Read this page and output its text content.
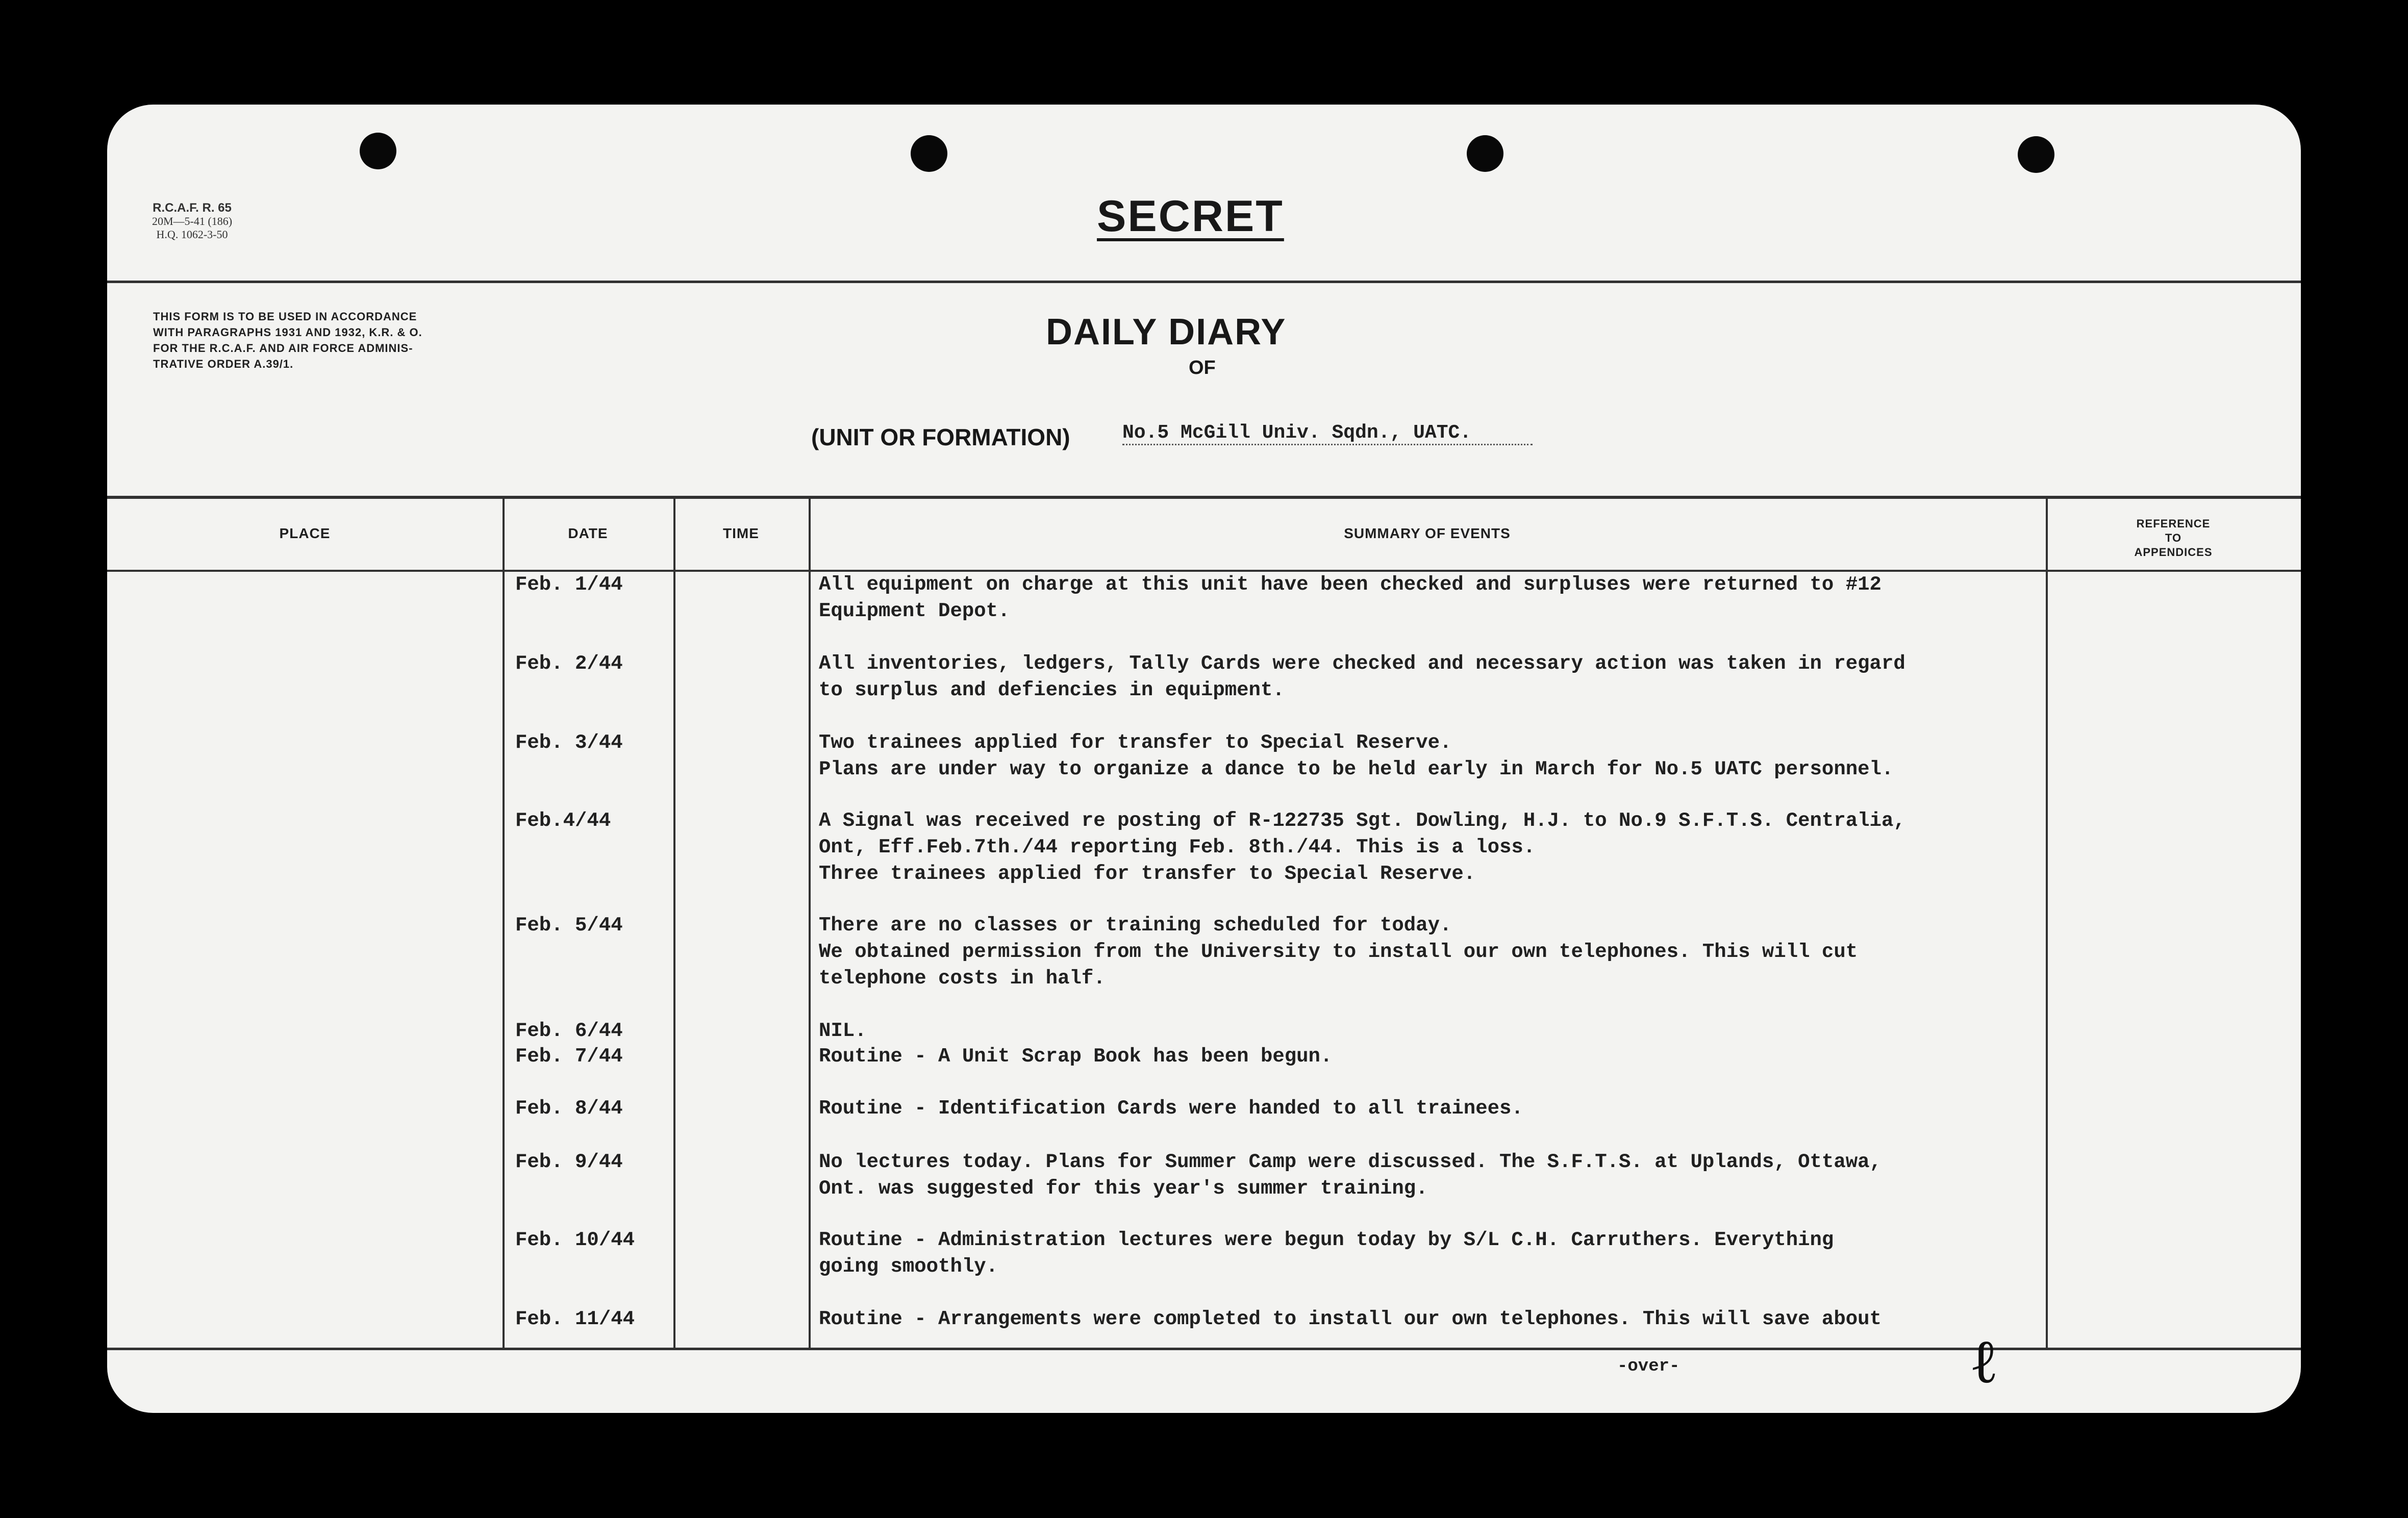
R.C.A.F. R. 65
20M—5-41 (186)
H.Q. 1062-3-50	SECRET
THIS FORM IS TO BE USED IN ACCORDANCE
WITH PARAGRAPHS 1931 AND 1932, K.R. & O.
FOR THE R.C.A.F. AND AIR FORCE ADMINIS-
TRATIVE ORDER A.39/1.
DAILY DIARY
OF
(UNIT OR FORMATION)	No.5 McGill Univ. Sqdn., UATC.
PLACE	DATE	TIME	SUMMARY OF EVENTS
REFERENCE
TO
APPENDICES
Feb. 1/44	All equipment on charge at this unit have been checked and surpluses were returned to #12
Equipment Depot.
Feb. 2/44	All inventories, ledgers, Tally Cards were checked and necessary action was taken in regard
to surplus and defiencies in equipment.
Feb. 3/44	Two trainees applied for transfer to Special Reserve.
Plans are under way to organize a dance to be held early in March for No.5 UATC personnel.
Feb.4/44	A Signal was received re posting of R-122735 Sgt. Dowling, H.J. to No.9 S.F.T.S. Centralia,
Ont, Eff.Feb.7th./44 reporting Feb. 8th./44. This is a loss.
Three trainees applied for transfer to Special Reserve.
Feb. 5/44	There are no classes or training scheduled for today.
We obtained permission from the University to install our own telephones. This will cut
telephone costs in half.
Feb. 6/44	NIL.
Feb. 7/44	Routine - A Unit Scrap Book has been begun.
Feb. 8/44	Routine - Identification Cards were handed to all trainees.
Feb. 9/44	No lectures today. Plans for Summer Camp were discussed. The S.F.T.S. at Uplands, Ottawa,
Ont. was suggested for this year's summer training.
Feb. 10/44	Routine - Administration lectures were begun today by S/L C.H. Carruthers. Everything
going smoothly.
Feb. 11/44	Routine - Arrangements were completed to install our own telephones. This will save about
-over-	ℓ
